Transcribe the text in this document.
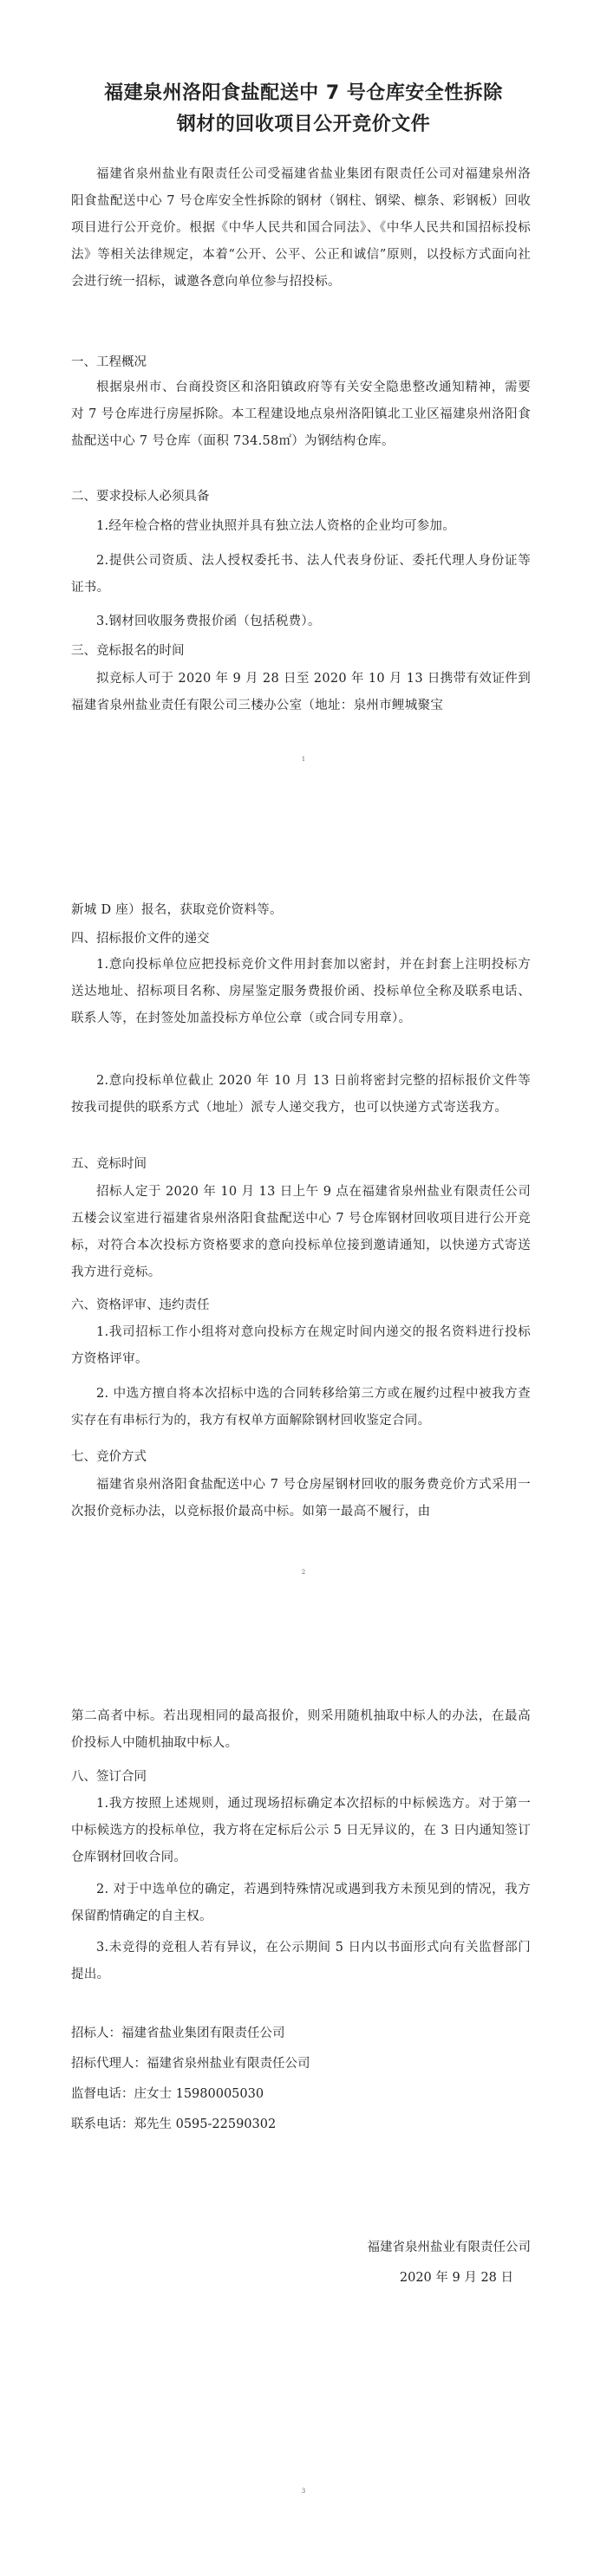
福建泉州洛阳食盐配送中 7 号仓库安全性拆除
钢材的回收项目公开竞价文件

福建省泉州盐业有限责任公司受福建省盐业集团有限责任公司对福建泉州洛阳食盐配送中心 7 号仓库安全性拆除的钢材（钢柱、钢梁、檩条、彩钢板）回收项目进行公开竞价。根据《中华人民共和国合同法》、《中华人民共和国招标投标法》等相关法律规定，本着“公开、公平、公正和诚信”原则，以投标方式面向社会进行统一招标，诚邀各意向单位参与招投标。

一、工程概况

根据泉州市、台商投资区和洛阳镇政府等有关安全隐患整改通知精神，需要对 7 号仓库进行房屋拆除。本工程建设地点泉州洛阳镇北工业区福建泉州洛阳食盐配送中心 7 号仓库（面积 734.58㎡）为钢结构仓库。

二、要求投标人必须具备

1.经年检合格的营业执照并具有独立法人资格的企业均可参加。

2.提供公司资质、法人授权委托书、法人代表身份证、委托代理人身份证等证书。

3.钢材回收服务费报价函（包括税费）。

三、竞标报名的时间

拟竞标人可于 2020 年 9 月 28 日至 2020 年 10 月 13 日携带有效证件到福建省泉州盐业责任有限公司三楼办公室（地址：泉州市鲤城聚宝

1

新城 D 座）报名，获取竞价资料等。

四、招标报价文件的递交

1.意向投标单位应把投标竞价文件用封套加以密封，并在封套上注明投标方送达地址、招标项目名称、房屋鉴定服务费报价函、投标单位全称及联系电话、联系人等，在封签处加盖投标方单位公章（或合同专用章）。

2.意向投标单位截止 2020 年 10 月 13 日前将密封完整的招标报价文件等按我司提供的联系方式（地址）派专人递交我方，也可以快递方式寄送我方。

五、竞标时间

招标人定于 2020 年 10 月 13 日上午 9 点在福建省泉州盐业有限责任公司五楼会议室进行福建省泉州洛阳食盐配送中心 7 号仓库钢材回收项目进行公开竞标，对符合本次投标方资格要求的意向投标单位接到邀请通知，以快递方式寄送我方进行竞标。

六、资格评审、违约责任

1.我司招标工作小组将对意向投标方在规定时间内递交的报名资料进行投标方资格评审。

2. 中选方擅自将本次招标中选的合同转移给第三方或在履约过程中被我方查实存在有串标行为的，我方有权单方面解除钢材回收鉴定合同。

七、竞价方式

福建省泉州洛阳食盐配送中心 7 号仓房屋钢材回收的服务费竞价方式采用一次报价竞标办法，以竞标报价最高中标。如第一最高不履行，由

2

第二高者中标。若出现相同的最高报价，则采用随机抽取中标人的办法，在最高价投标人中随机抽取中标人。

八、签订合同

1.我方按照上述规则，通过现场招标确定本次招标的中标候选方。对于第一中标候选方的投标单位，我方将在定标后公示 5 日无异议的，在 3 日内通知签订仓库钢材回收合同。

2. 对于中选单位的确定，若遇到特殊情况或遇到我方未预见到的情况，我方保留酌情确定的自主权。

3.未竞得的竞租人若有异议，在公示期间 5 日内以书面形式向有关监督部门提出。

招标人：福建省盐业集团有限责任公司

招标代理人：福建省泉州盐业有限责任公司

监督电话：庄女士 15980005030

联系电话：郑先生 0595-22590302

福建省泉州盐业有限责任公司
2020 年 9 月 28 日
3
